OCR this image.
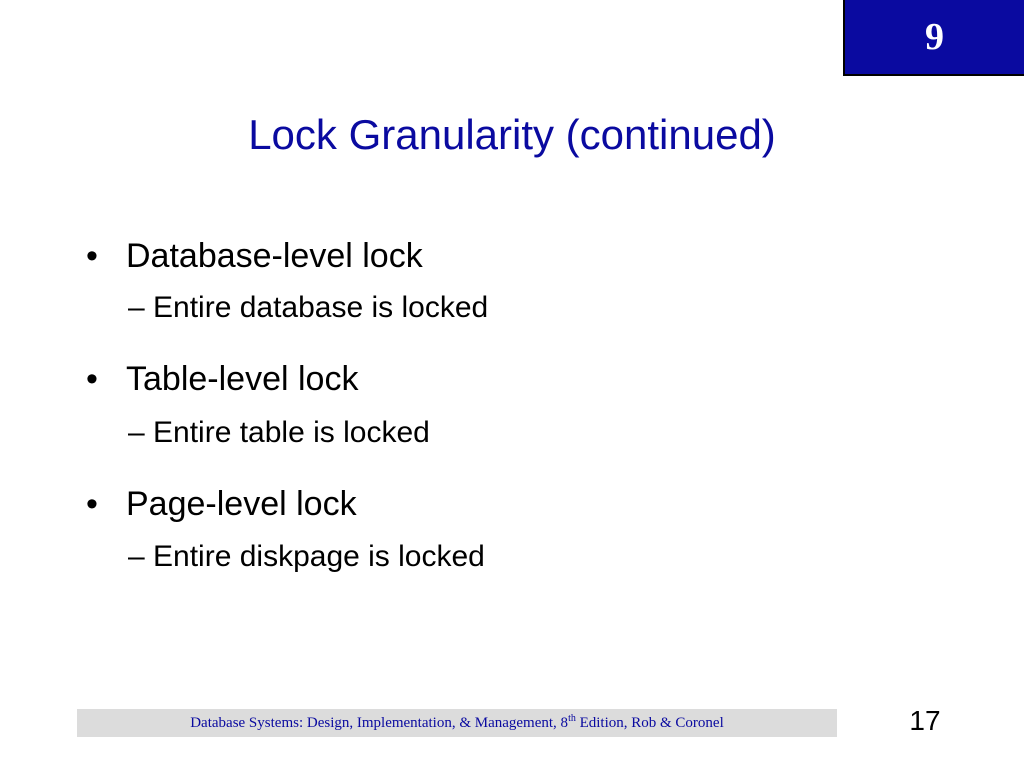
9
Lock Granularity (continued)
• Database-level lock
– Entire database is locked
• Table-level lock
– Entire table is locked
• Page-level lock
– Entire diskpage is locked
Database Systems: Design, Implementation, & Management, 8th Edition, Rob & Coronel	17
